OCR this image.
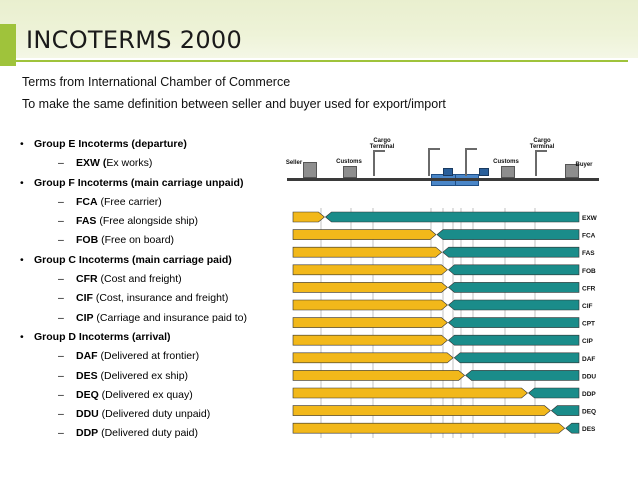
INCOTERMS 2000
Terms from International Chamber of Commerce
To make the same definition between seller and buyer used for export/import
• Group E Incoterms (departure)
– EXW (Ex works)
• Group F Incoterms (main carriage unpaid)
– FCA (Free carrier)
– FAS (Free alongside ship)
– FOB (Free on board)
• Group C Incoterms (main carriage paid)
– CFR (Cost and freight)
– CIF (Cost, insurance and freight)
– CIP (Carriage and insurance paid to)
• Group D Incoterms (arrival)
– DAF (Delivered at frontier)
– DES (Delivered ex ship)
– DEQ (Delivered ex quay)
– DDU (Delivered duty unpaid)
– DDP (Delivered duty paid)
Seller	Customs
Cargo
Terminal
Customs
Cargo
Terminal
Buyer
EXW
FCA
FAS
FOB
CFR
CIF
CPT
CIP
DAF
DDU
DDP
DEQ
DES
